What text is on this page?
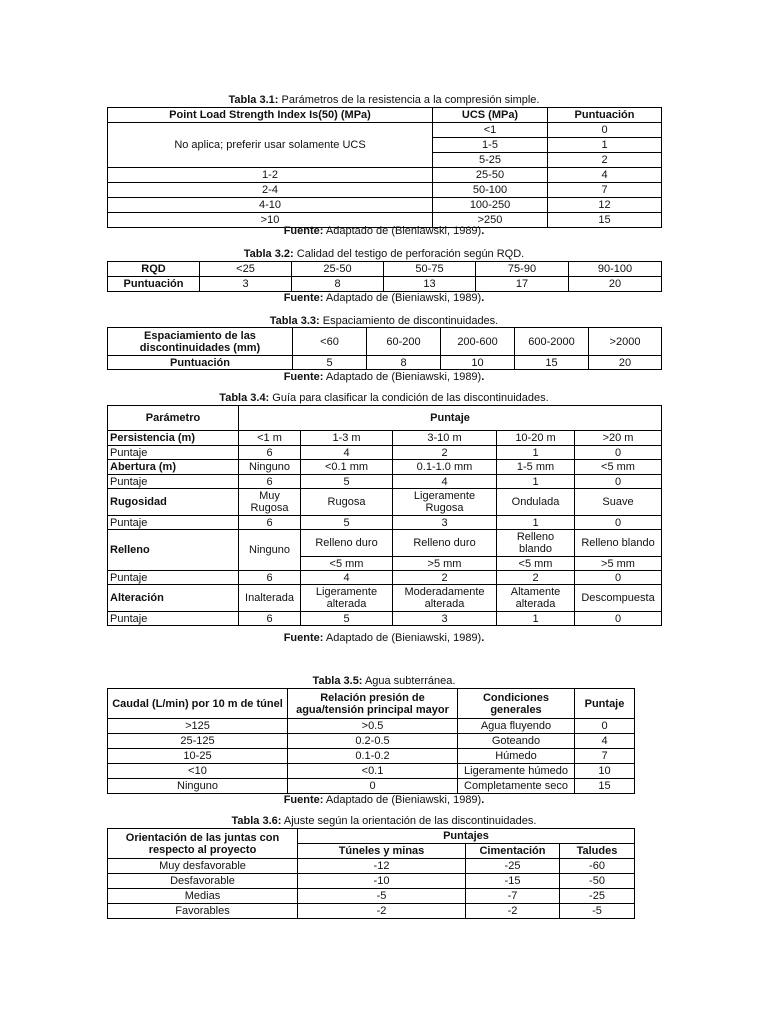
Tabla 3.1: Parámetros de la resistencia a la compresión simple.
Point Load Strength Index Is(50) (MPa)	UCS (MPa)	Puntuación
No aplica; preferir usar solamente UCS	<1	0
	1-5	1
	5-25	2
1-2	25-50	4
2-4	50-100	7
4-10	100-250	12
>10	>250	15
Fuente: Adaptado de (Bieniawski, 1989).
Tabla 3.2: Calidad del testigo de perforación según RQD.
RQD	<25	25-50	50-75	75-90	90-100
Puntuación	3	8	13	17	20
Fuente: Adaptado de (Bieniawski, 1989).
Tabla 3.3: Espaciamiento de discontinuidades.
Espaciamiento de las discontinuidades (mm)	<60	60-200	200-600	600-2000	>2000
Puntuación	5	8	10	15	20
Fuente: Adaptado de (Bieniawski, 1989).
Tabla 3.4: Guía para clasificar la condición de las discontinuidades.
Parámetro	Puntaje				
Persistencia (m)	<1 m	1-3 m	3-10 m	10-20 m	>20 m
Puntaje	6	4	2	1	0
Abertura (m)	Ninguno	<0.1 mm	0.1-1.0 mm	1-5 mm	<5 mm
Puntaje	6	5	4	1	0
Rugosidad	Muy Rugosa	Rugosa	Ligeramente Rugosa	Ondulada	Suave
Puntaje	6	5	3	1	0
Relleno	Ninguno	Relleno duro	Relleno duro	Relleno blando	Relleno blando
		<5 mm	>5 mm	<5 mm	>5 mm
Puntaje	6	4	2	2	0
Alteración	Inalterada	Ligeramente alterada	Moderadamente alterada	Altamente alterada	Descompuesta
Puntaje	6	5	3	1	0
Fuente: Adaptado de (Bieniawski, 1989).
Tabla 3.5: Agua subterránea.
Caudal (L/min) por 10 m de túnel	Relación presión de agua/tensión principal mayor	Condiciones generales	Puntaje
>125	>0.5	Agua fluyendo	0
25-125	0.2-0.5	Goteando	4
10-25	0.1-0.2	Húmedo	7
<10	<0.1	Ligeramente húmedo	10
Ninguno	0	Completamente seco	15
Fuente: Adaptado de (Bieniawski, 1989).
Tabla 3.6: Ajuste según la orientación de las discontinuidades.
Orientación de las juntas con respecto al proyecto	Puntajes		
	Túneles y minas	Cimentación	Taludes
Muy desfavorable	-12	-25	-60
Desfavorable	-10	-15	-50
Medias	-5	-7	-25
Favorables	-2	-2	-5
